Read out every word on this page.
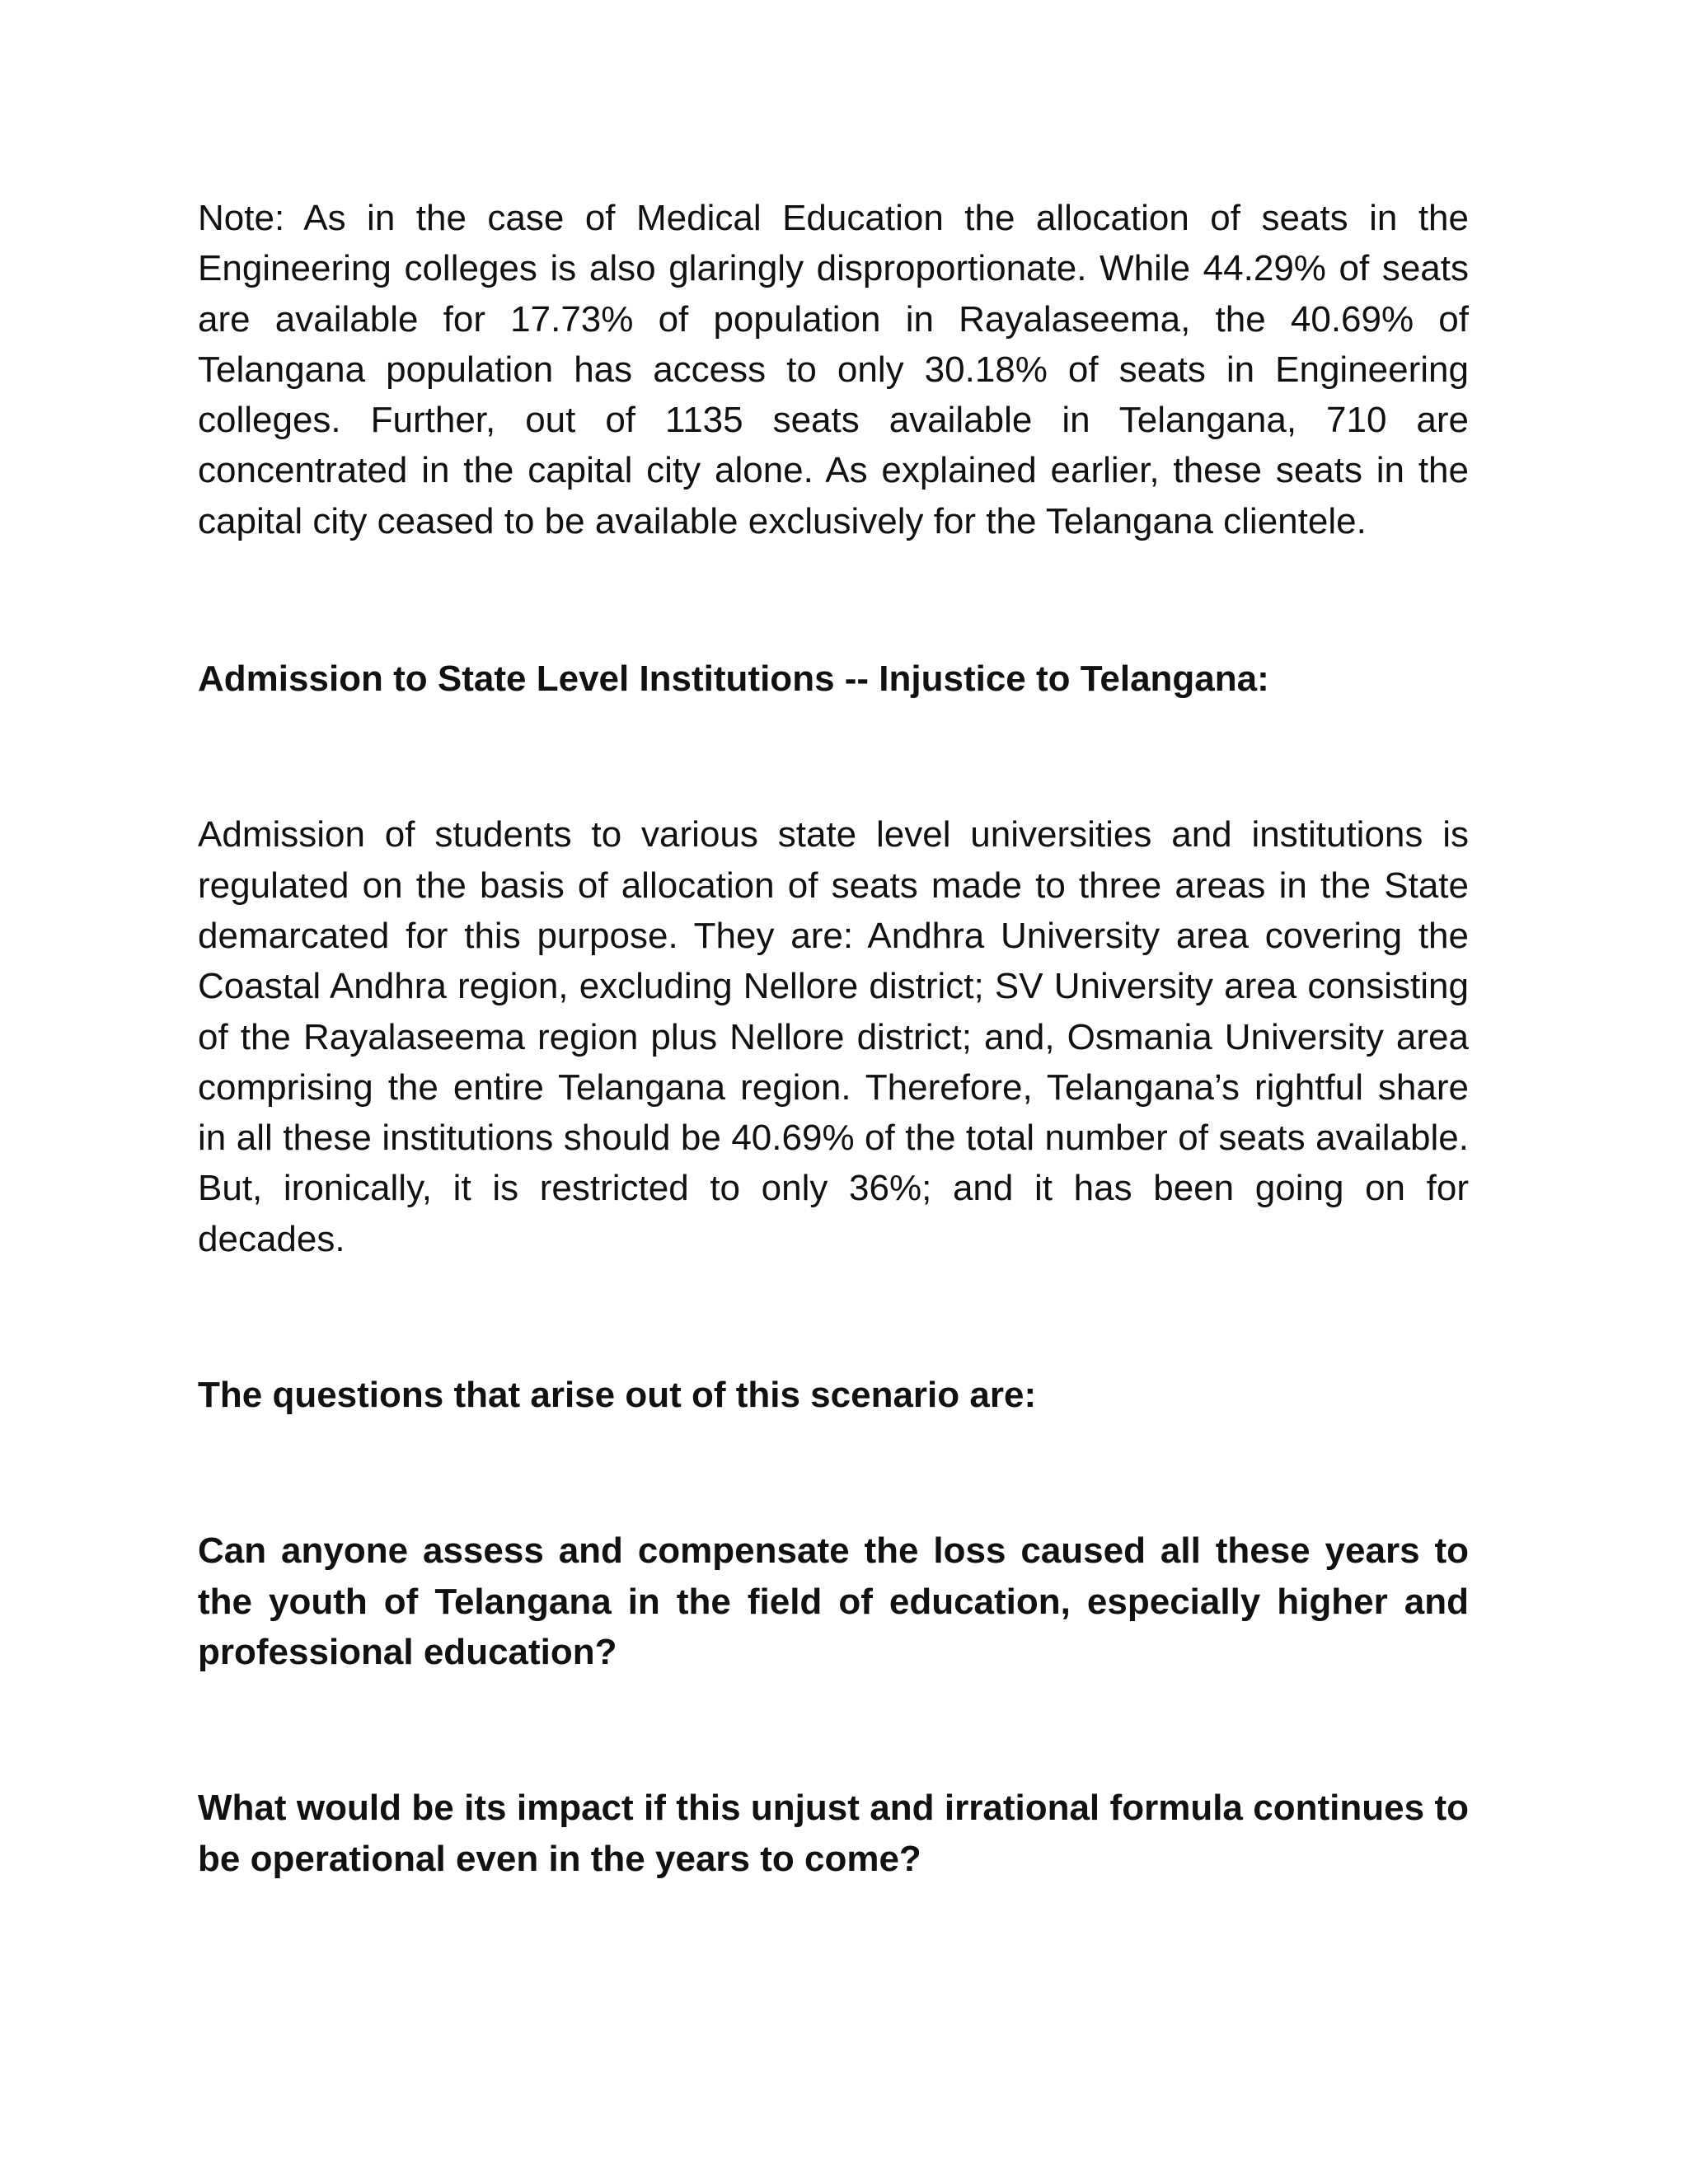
Note: As in the case of Medical Education the allocation of seats in the Engineering colleges is also glaringly disproportionate. While 44.29% of seats are available for 17.73% of population in Rayalaseema, the 40.69% of Telangana population has access to only 30.18% of seats in Engineering colleges. Further, out of 1135 seats available in Telangana, 710 are concentrated in the capital city alone. As explained earlier, these seats in the capital city ceased to be available exclusively for the Telangana clientele.

Admission to State Level Institutions -- Injustice to Telangana:

Admission of students to various state level universities and institutions is regulated on the basis of allocation of seats made to three areas in the State demarcated for this purpose. They are: Andhra University area covering the Coastal Andhra region, excluding Nellore district; SV University area consisting of the Rayalaseema region plus Nellore district; and, Osmania University area comprising the entire Telangana region. Therefore, Telangana’s rightful share in all these institutions should be 40.69% of the total number of seats available. But, ironically, it is restricted to only 36%; and it has been going on for decades.

The questions that arise out of this scenario are:

Can anyone assess and compensate the loss caused all these years to the youth of Telangana in the field of education, especially higher and professional education?

What would be its impact if this unjust and irrational formula continues to be operational even in the years to come?
